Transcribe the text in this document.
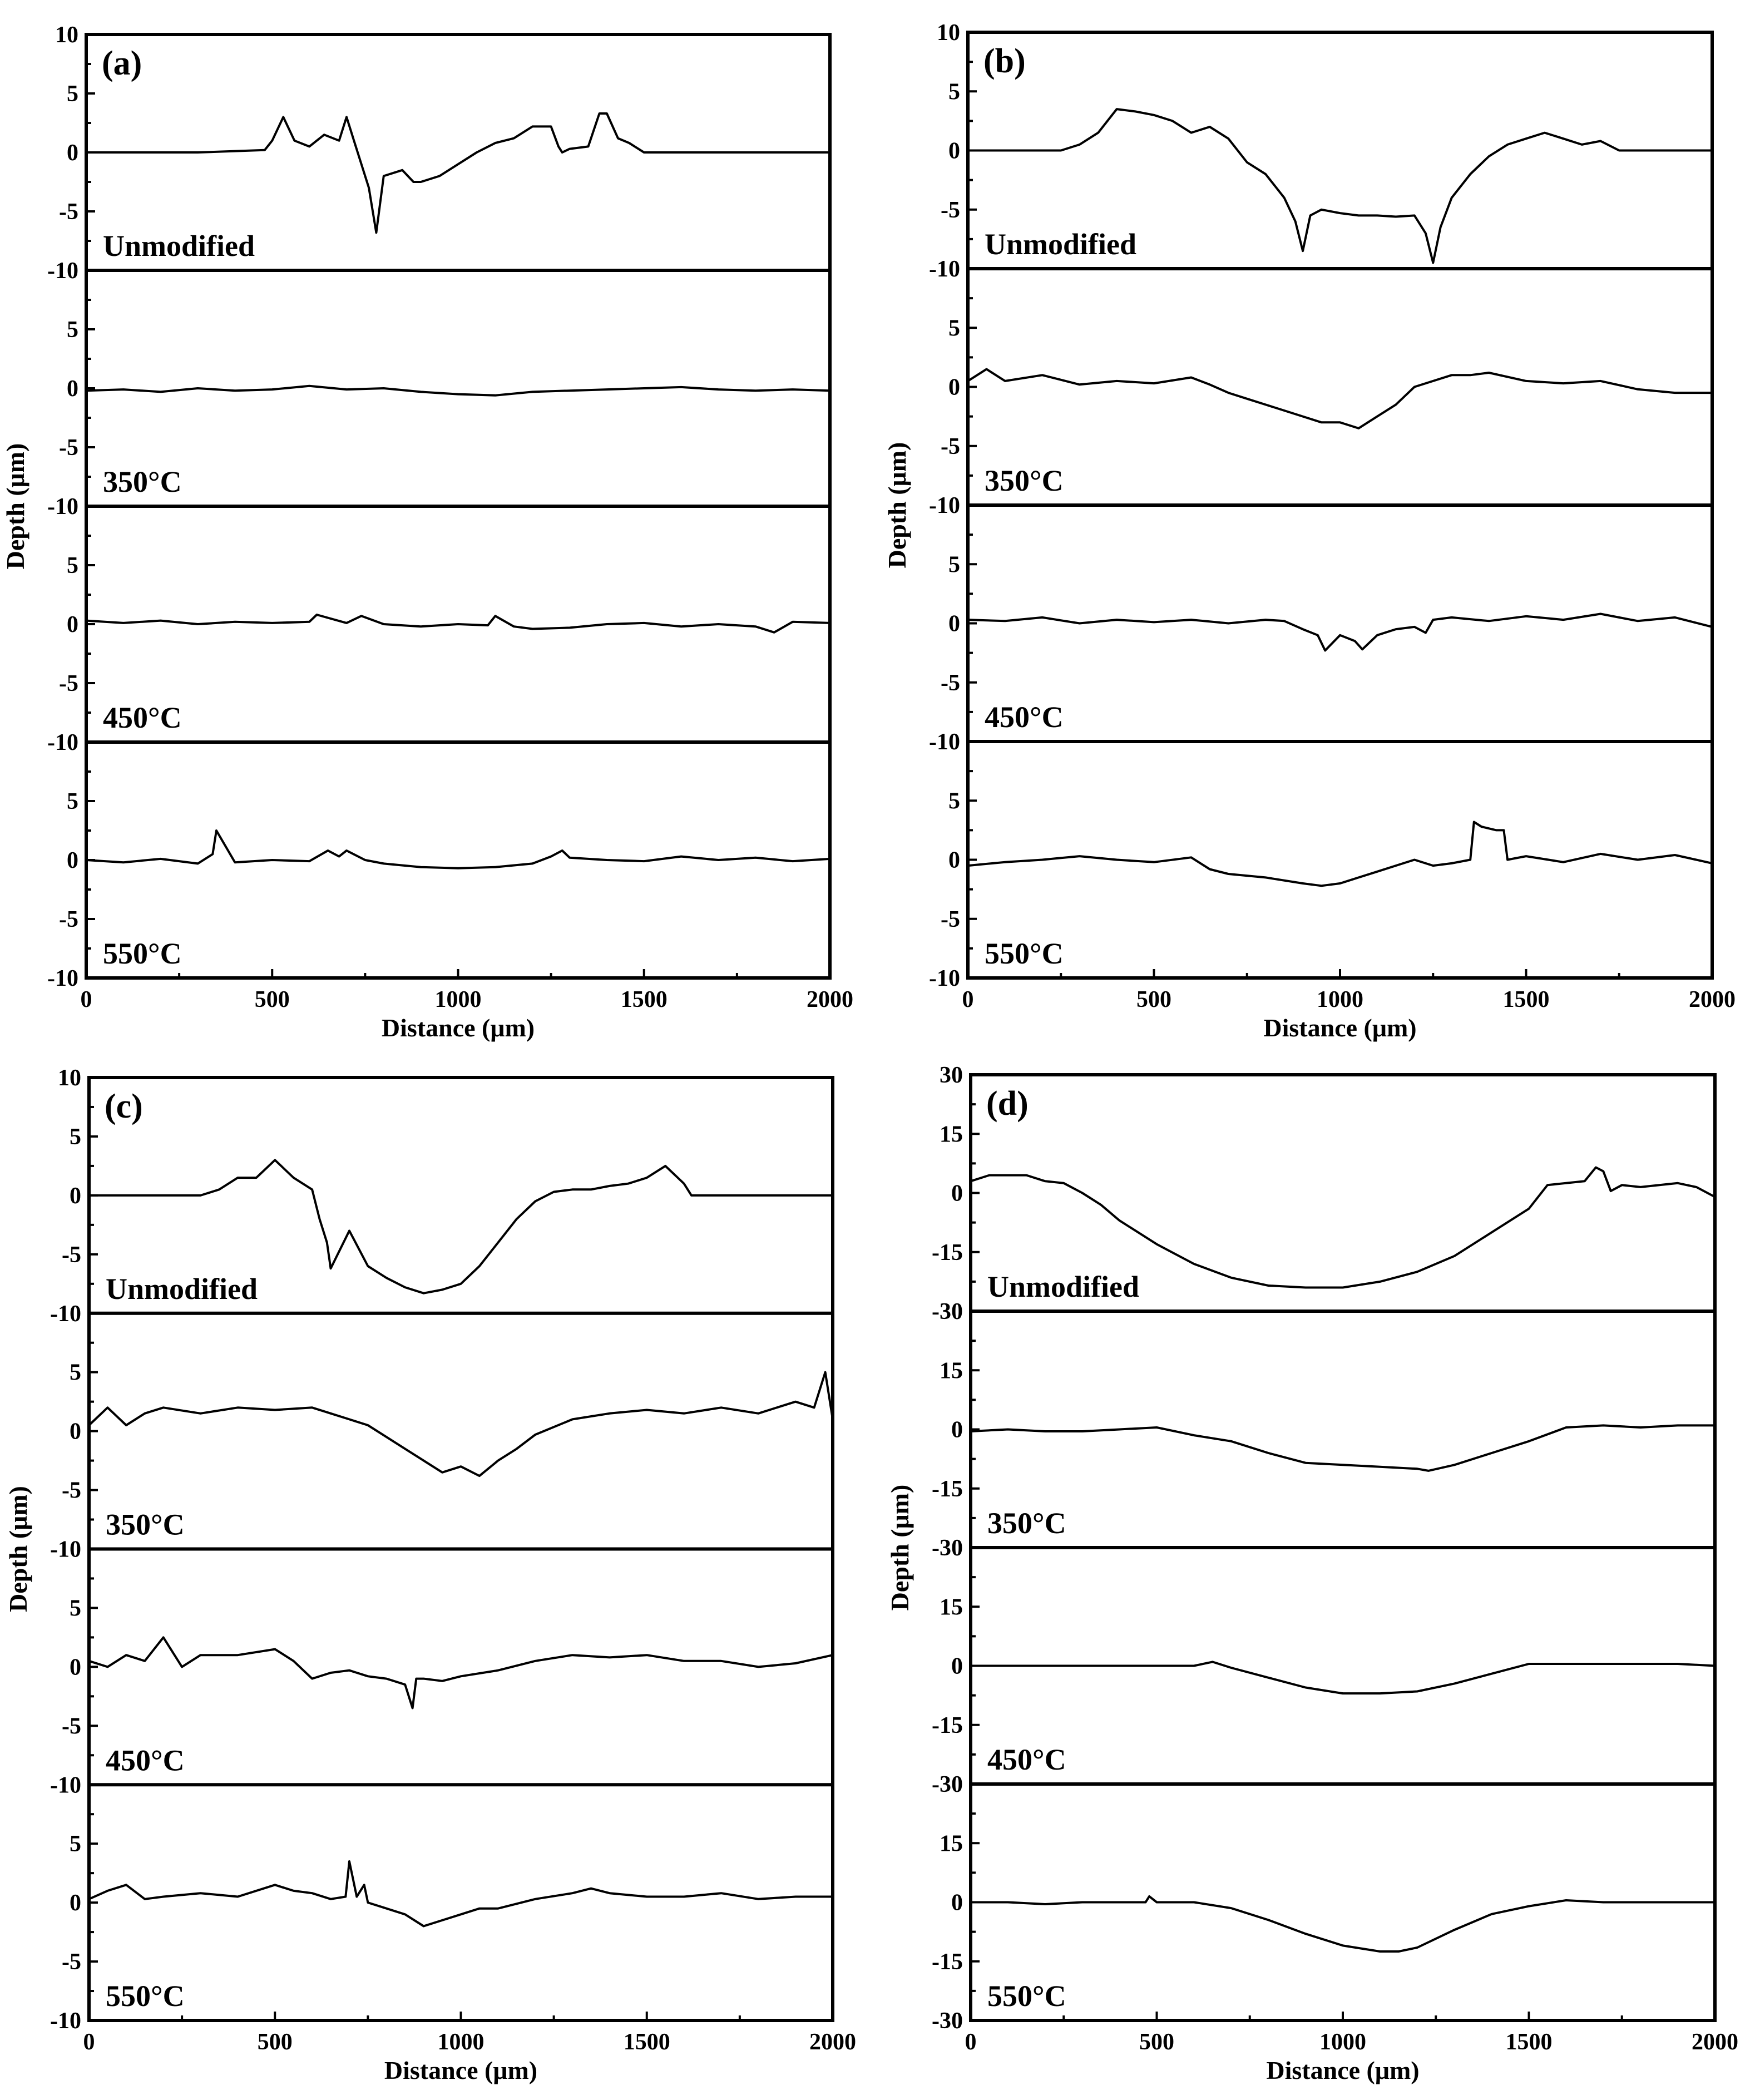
0	500	1000	1500	2000
-10
-5
0
5
10
Unmodified
-10
-5
0
5
350°C
-10
-5
0
5
450°C
-10
-5
0
5
550°C
(a)
Distance (μm)
Depth (μm)
0	500	1000	1500	2000
-10
-5
0
5
10
Unmodified
-10
-5
0
5
350°C
-10
-5
0
5
450°C
-10
-5
0
5
550°C
(b)
Distance (μm)
Depth (μm)
0	500	1000	1500	2000
-10
-5
0
5
10
Unmodified
-10
-5
0
5
350°C
-10
-5
0
5
450°C
-10
-5
0
5
550°C
(c)
Distance (μm)
Depth (μm)
0	500	1000	1500	2000
-30
-15
0
15
30
Unmodified
-30
-15
0
15
350°C
-30
-15
0
15
450°C
-30
-15
0
15
550°C
(d)
Distance (μm)
Depth (μm)
